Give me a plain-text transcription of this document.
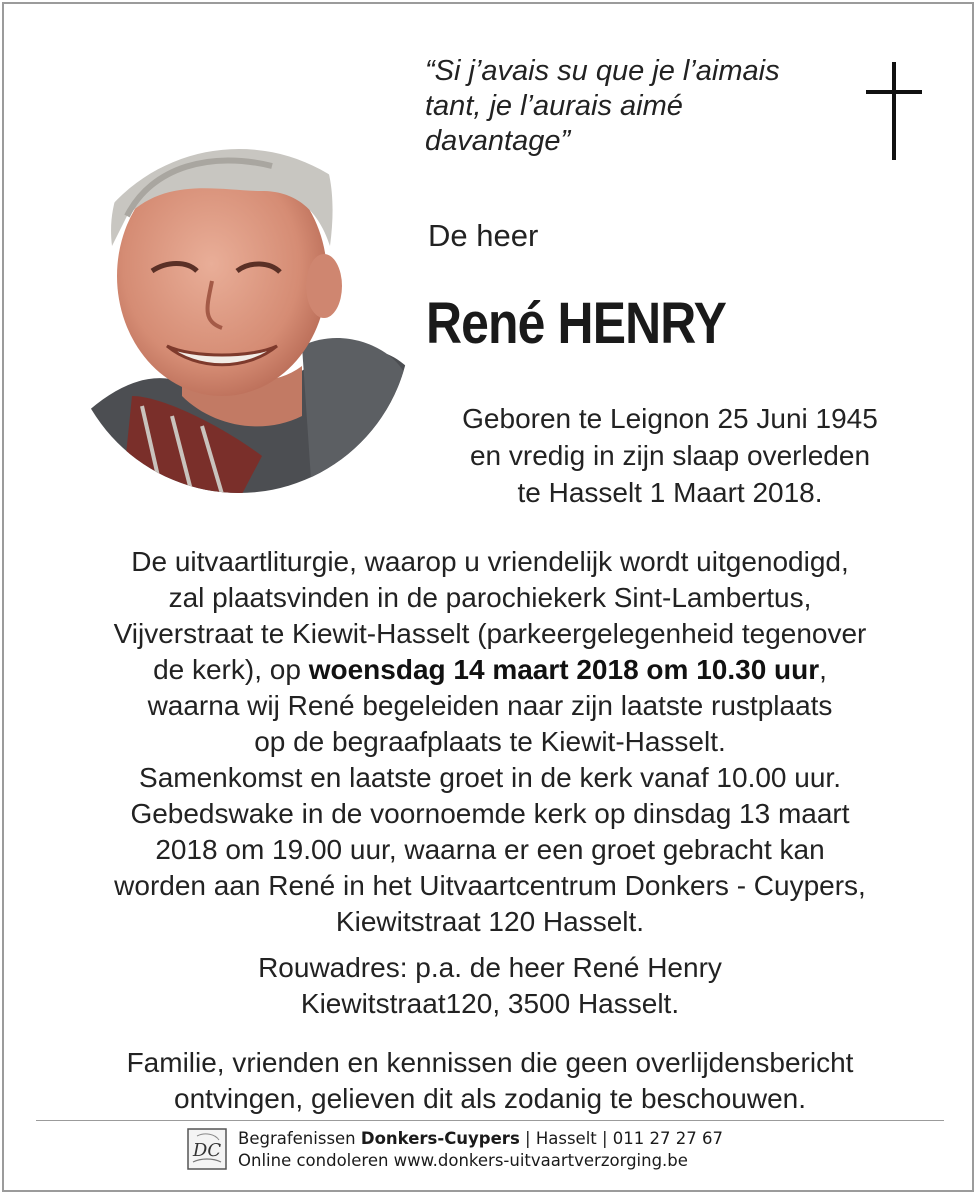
“Si j’avais su que je l’aimais
tant, je l’aurais aimé
davantage”
De heer
René HENRY
Geboren te Leignon 25 Juni 1945
en vredig in zijn slaap overleden
te Hasselt 1 Maart 2018.
De uitvaartliturgie, waarop u vriendelijk wordt uitgenodigd,
zal plaatsvinden in de parochiekerk Sint-Lambertus,
Vijverstraat te Kiewit-Hasselt (parkeergelegenheid tegenover
de kerk), op woensdag 14 maart 2018 om 10.30 uur,
waarna wij René begeleiden naar zijn laatste rustplaats
op de begraafplaats te Kiewit-Hasselt.
Samenkomst en laatste groet in de kerk vanaf 10.00 uur.
Gebedswake in de voornoemde kerk op dinsdag 13 maart
2018 om 19.00 uur, waarna er een groet gebracht kan
worden aan René in het Uitvaartcentrum Donkers - Cuypers,
Kiewitstraat 120 Hasselt.
Rouwadres: p.a. de heer René Henry
Kiewitstraat120, 3500 Hasselt.
Familie, vrienden en kennissen die geen overlijdensbericht
ontvingen, gelieven dit als zodanig te beschouwen.
DC
Begrafenissen Donkers-Cuypers | Hasselt | 011 27 27 67
Online condoleren www.donkers-uitvaartverzorging.be
